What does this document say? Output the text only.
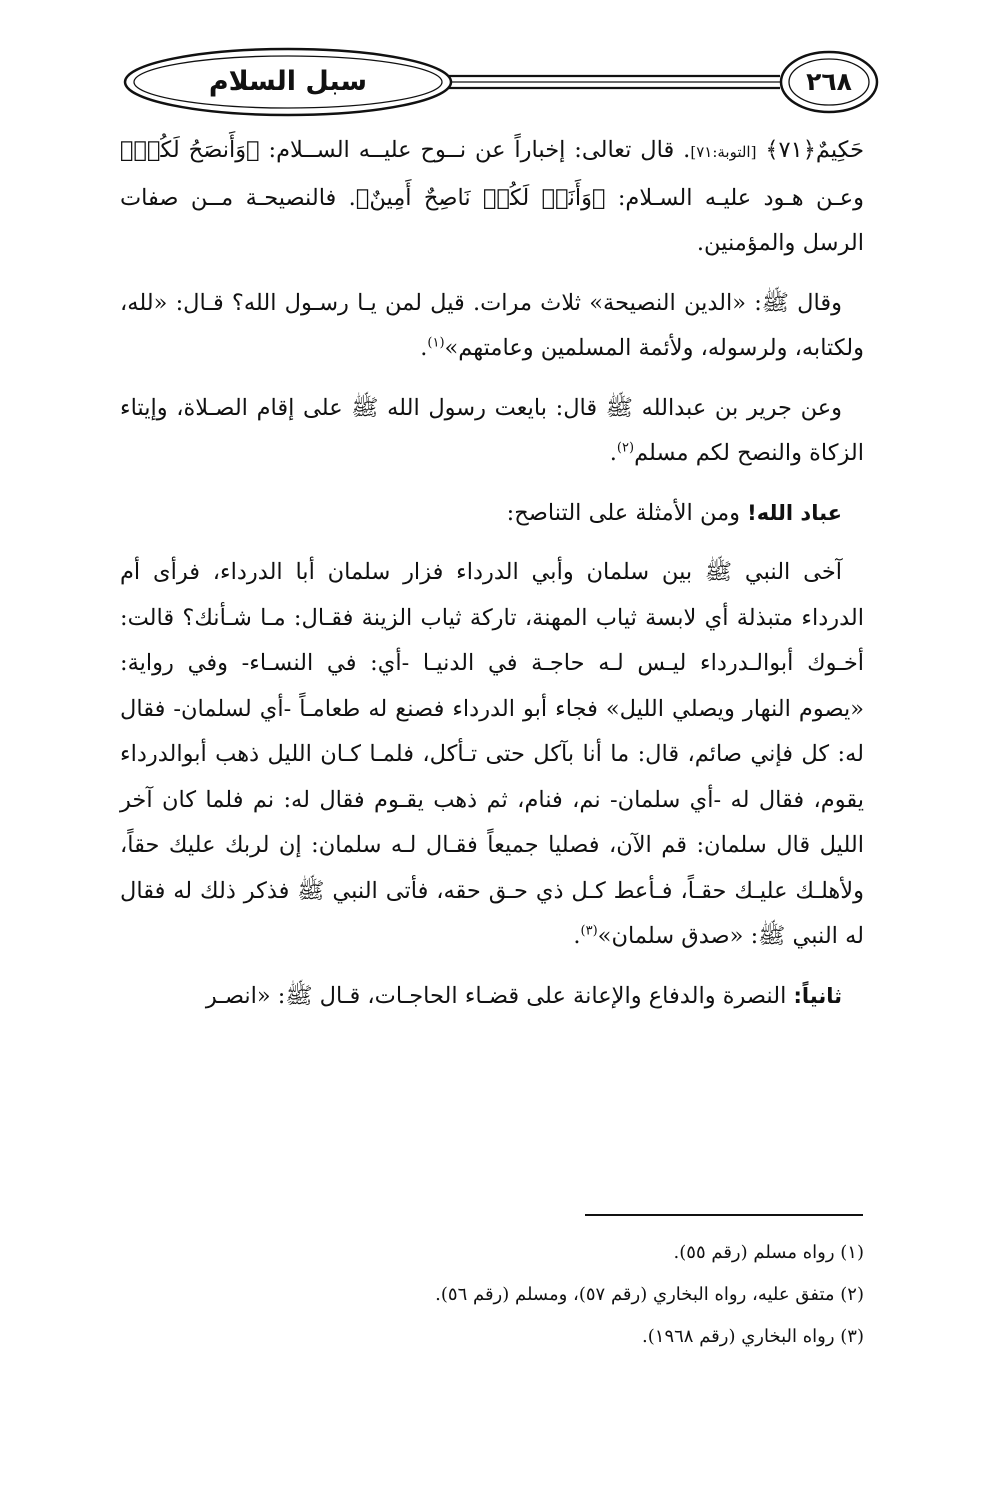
سبل السلام	٢٦٨

حَكِيمٌ﴿٧١﴾ [التوبة:٧١]. قال تعالى: إخباراً عن نــوح عليــه الســلام: ﴿وَأَنصَحُ لَكُمۡ﴾ وعـن هـود عليـه السـلام: ﴿وَأَنَا۠ لَكُمۡ نَاصِحٌ أَمِينٌ﴾. فالنصيحـة مــن صفات الرسل والمؤمنين.

وقال ﷺ: «الدين النصيحة» ثلاث مرات. قيل لمن يـا رسـول الله؟ قـال: «لله، ولكتابه، ولرسوله، ولأئمة المسلمين وعامتهم»$^{(١)}$.

وعن جرير بن عبدالله ﷺ قال: بايعت رسول الله ﷺ على إقام الصـلاة، وإيتاء الزكاة والنصح لكم مسلم$^{(٢)}$.

عباد الله! ومن الأمثلة على التناصح:

آخى النبي ﷺ بين سلمان وأبي الدرداء فزار سلمان أبا الدرداء، فرأى أم الدرداء متبذلة أي لابسة ثياب المهنة، تاركة ثياب الزينة فقـال: مـا شـأنك؟ قالت: أخـوك أبوالـدرداء ليـس لـه حاجـة في الدنيـا -أي: في النسـاء- وفي رواية: «يصوم النهار ويصلي الليل» فجاء أبو الدرداء فصنع له طعامـاً -أي لسلمان- فقال له: كل فإني صائم، قال: ما أنا بآكل حتى تـأكل، فلمـا كـان الليل ذهب أبوالدرداء يقوم، فقال له -أي سلمان- نم، فنام، ثم ذهب يقـوم فقال له: نم فلما كان آخر الليل قال سلمان: قم الآن، فصليا جميعاً فقـال لـه سلمان: إن لربك عليك حقاً، ولأهلـك عليـك حقـاً، فـأعط كـل ذي حـق حقه، فأتى النبي ﷺ فذكر ذلك له فقال له النبي ﷺ: «صدق سلمان»$^{(٣)}$.

ثانياً: النصرة والدفاع والإعانة على قضـاء الحاجـات، قـال ﷺ: «انصـر

(١) رواه مسلم (رقم ٥٥).
(٢) متفق عليه، رواه البخاري (رقم ٥٧)، ومسلم (رقم ٥٦).
(٣) رواه البخاري (رقم ١٩٦٨).
